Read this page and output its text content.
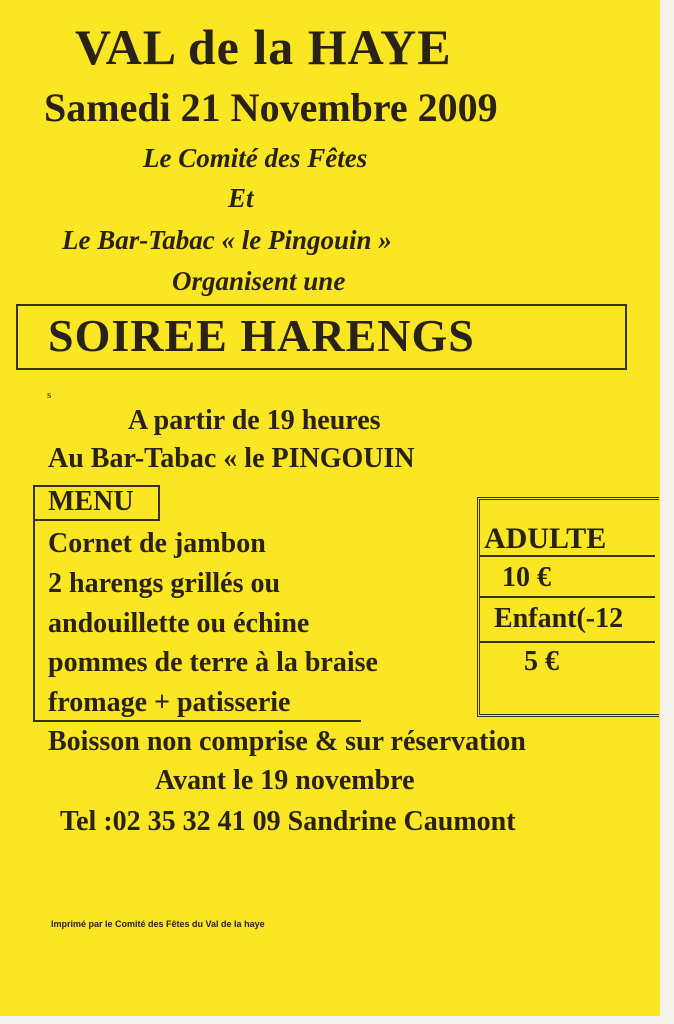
VAL de la HAYE
Samedi 21 Novembre 2009
Le Comité des Fêtes
Et
Le Bar-Tabac « le Pingouin »
Organisent une
SOIREE HARENGS
s
A partir de 19 heures
Au Bar-Tabac « le PINGOUIN
MENU
Cornet de jambon
2 harengs grillés ou
andouillette ou échine
pommes de terre à la braise
fromage + patisserie
ADULTE
10 €
Enfant(-12
5 €
Boisson non comprise & sur réservation
Avant le 19 novembre
Tel :02 35 32 41 09 Sandrine Caumont
Imprimé par le Comité des Fêtes du Val de la haye
